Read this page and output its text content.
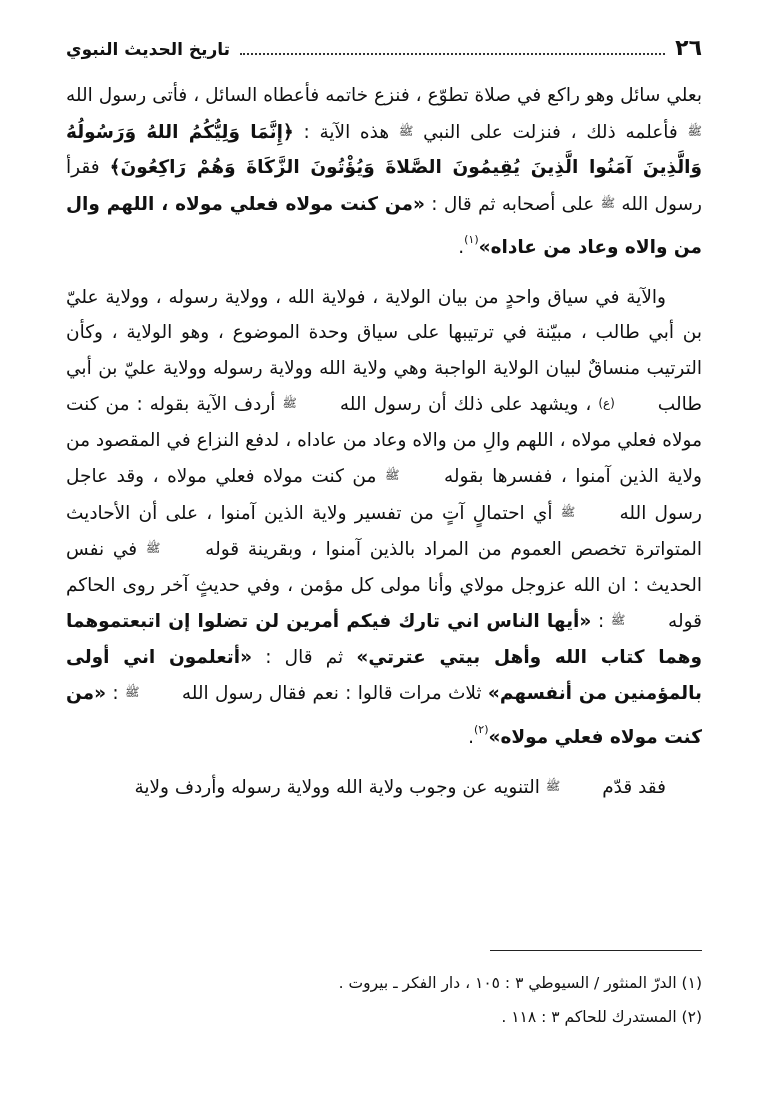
٢٦
تاريخ الحديث النبوي

بعلي سائل وهو راكع في صلاة تطوّع ، فنزع خاتمه فأعطاه السائل ، فأتى رسول الله ﷺ فأعلمه ذلك ، فنزلت على النبي ﷺ هذه الآية : ﴿إِنَّمَا وَلِيُّكُمُ اللهُ وَرَسُولُهُ وَالَّذِينَ آمَنُوا الَّذِينَ يُقِيمُونَ الصَّلاةَ وَيُؤْتُونَ الزَّكَاةَ وَهُمْ رَاكِعُونَ﴾ فقرأ رسول الله ﷺ على أصحابه ثم قال : «من كنت مولاه فعلي مولاه ، اللهم وال من والاه وعاد من عاداه»$^{(١)}$.

والآية في سياق واحدٍ من بيان الولاية ، فولاية الله ، وولاية رسوله ، وولاية عليّ بن أبي طالب ، مبيّنة في ترتيبها على سياق وحدة الموضوع ، وهو الولاية ، وكأن الترتيب منساقٌ لبيان الولاية الواجبة وهي ولاية الله وولاية رسوله وولاية عليّ بن أبي طالب (ع) ، ويشهد على ذلك أن رسول الله ﷺ أردف الآية بقوله : من كنت مولاه فعلي مولاه ، اللهم والِ من والاه وعاد من عاداه ، لدفع النزاع في المقصود من ولاية الذين آمنوا ، ففسرها بقوله ﷺ من كنت مولاه فعلي مولاه ، وقد عاجل رسول الله ﷺ أي احتمالٍ آتٍ من تفسير ولاية الذين آمنوا ، على أن الأحاديث المتواترة تخصص العموم من المراد بالذين آمنوا ، وبقرينة قوله ﷺ في نفس الحديث : ان الله عزوجل مولاي وأنا مولى كل مؤمن ، وفي حديثٍ آخر روى الحاكم قوله ﷺ : «أيها الناس اني تارك فيكم أمرين لن تضلوا إن اتبعتموهما وهما كتاب الله وأهل بيتي عترتي» ثم قال : «أتعلمون اني أولى بالمؤمنين من أنفسهم» ثلاث مرات قالوا : نعم فقال رسول الله ﷺ : «من كنت مولاه فعلي مولاه»$^{(٢)}$.

فقد قدّم ﷺ التنويه عن وجوب ولاية الله وولاية رسوله وأردف ولاية

(١) الدرّ المنثور / السيوطي ٣ : ١٠٥ ، دار الفكر ـ بيروت .
(٢) المستدرك للحاكم ٣ : ١١٨ .
